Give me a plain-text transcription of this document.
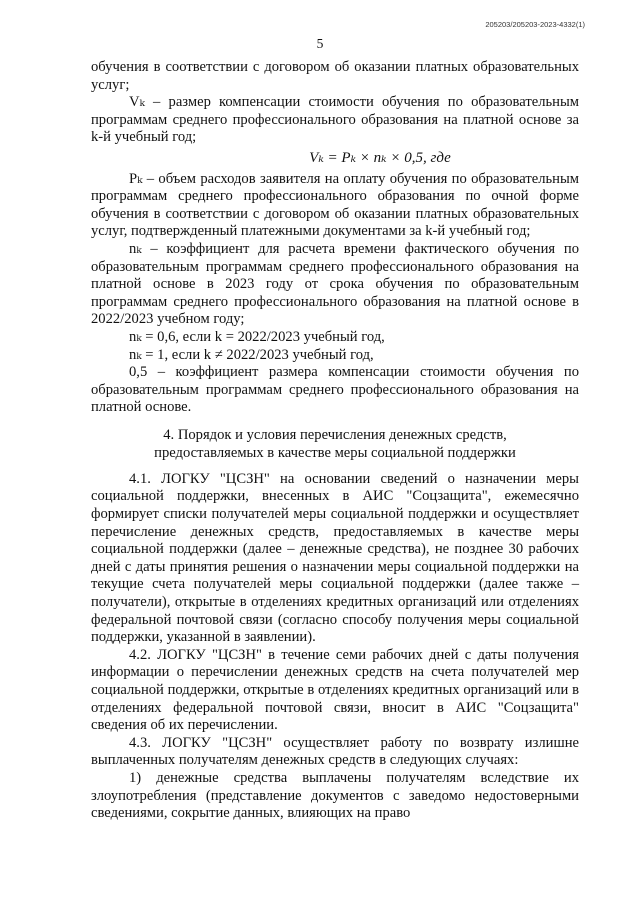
205203/205203-2023-4332(1)
5

обучения в соответствии с договором об оказании платных образовательных услуг;

Vₖ – размер компенсации стоимости обучения по образовательным программам среднего профессионального образования на платной основе за k-й учебный год;

Vₖ = Рₖ × nₖ × 0,5, где

Рₖ – объем расходов заявителя на оплату обучения по образовательным программам среднего профессионального образования по очной форме обучения в соответствии с договором об оказании платных образовательных услуг, подтвержденный платежными документами за k-й учебный год;

nₖ – коэффициент для расчета времени фактического обучения по образовательным программам среднего профессионального образования на платной основе в 2023 году от срока обучения по образовательным программам среднего профессионального образования на платной основе в 2022/2023 учебном году;

nₖ = 0,6, если k = 2022/2023 учебный год,

nₖ = 1, если k ≠ 2022/2023 учебный год,

0,5 – коэффициент размера компенсации стоимости обучения по образовательным программам среднего профессионального образования на платной основе.

4. Порядок и условия перечисления денежных средств,
предоставляемых в качестве меры социальной поддержки

4.1. ЛОГКУ "ЦСЗН" на основании сведений о назначении меры социальной поддержки, внесенных в АИС "Соцзащита", ежемесячно формирует списки получателей меры социальной поддержки и осуществляет перечисление денежных средств, предоставляемых в качестве меры социальной поддержки (далее – денежные средства), не позднее 30 рабочих дней с даты принятия решения о назначении меры социальной поддержки на текущие счета получателей меры социальной поддержки (далее также – получатели), открытые в отделениях кредитных организаций или отделениях федеральной почтовой связи (согласно способу получения меры социальной поддержки, указанной в заявлении).

4.2. ЛОГКУ "ЦСЗН" в течение семи рабочих дней с даты получения информации о перечислении денежных средств на счета получателей мер социальной поддержки, открытые в отделениях кредитных организаций или в отделениях федеральной почтовой связи, вносит в АИС "Соцзащита" сведения об их перечислении.

4.3. ЛОГКУ "ЦСЗН" осуществляет работу по возврату излишне выплаченных получателям денежных средств в следующих случаях:

1) денежные средства выплачены получателям вследствие их злоупотребления (представление документов с заведомо недостоверными сведениями, сокрытие данных, влияющих на право
